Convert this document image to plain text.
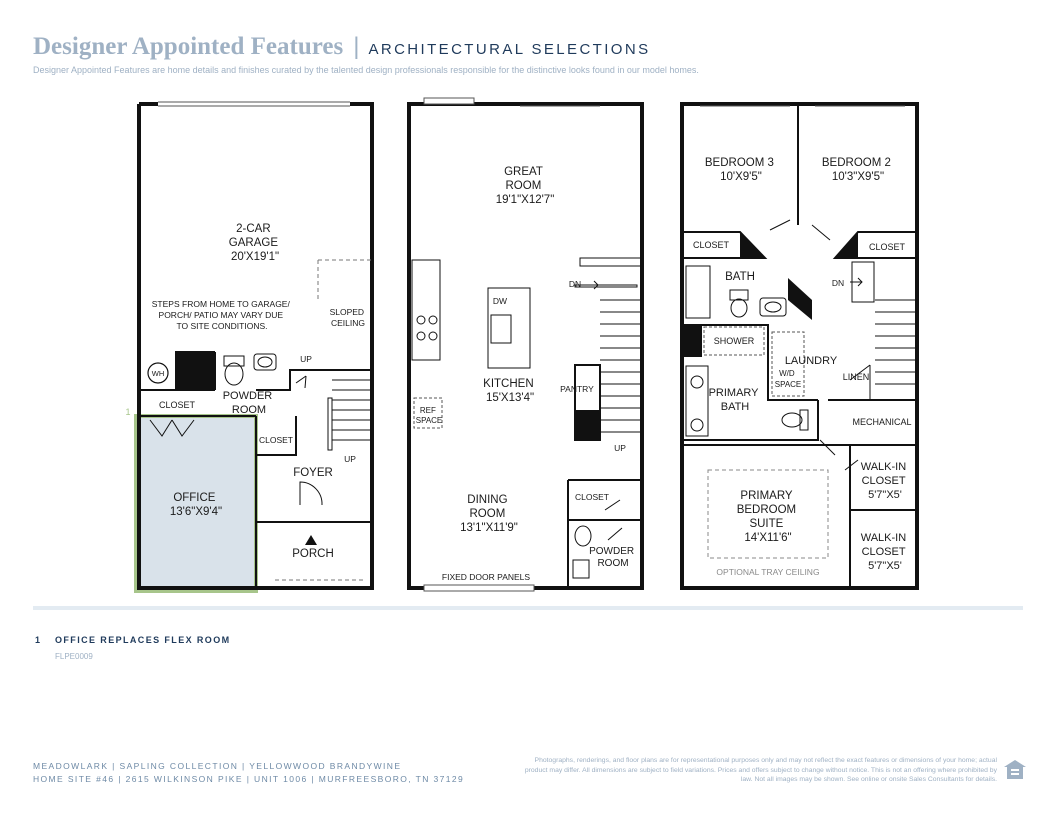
Designer Appointed Features | ARCHITECTURAL SELECTIONS
Designer Appointed Features are home details and finishes curated by the talented design professionals responsible for the distinctive looks found in our model homes.
2-CAR GARAGE 20'X19'1"
STEPS FROM HOME TO GARAGE/ PORCH/ PATIO MAY VARY DUE TO SITE CONDITIONS.
SLOPED CEILING
WH
UP
UP
CLOSET
CLOSET
POWDER ROOM
OFFICE 13'6"X9'4"
FOYER
PORCH
1
GREAT ROOM 19'1"X12'7"
DW
DN
KITCHEN 15'X13'4"
PANTRY
REF SPACE
UP
DINING ROOM 13'1"X11'9"
CLOSET
POWDER ROOM
FIXED DOOR PANELS
BEDROOM 3 10'X9'5"
BEDROOM 2 10'3"X9'5"
CLOSET	CLOSET
BATH	DN
SHOWER
LAUNDRY
W/D SPACE
LINEN
PRIMARY BATH
MECHANICAL
WALK-IN CLOSET 5'7"X5'
WALK-IN CLOSET 5'7"X5'
PRIMARY BEDROOM SUITE 14'X11'6"
OPTIONAL TRAY CEILING
1 OFFICE REPLACES FLEX ROOM
FLPE0009
MEADOWLARK | SAPLING COLLECTION | YELLOWWOOD BRANDYWINE
HOME SITE #46 | 2615 WILKINSON PIKE | UNIT 1006 | MURFREESBORO, TN 37129
Photographs, renderings, and floor plans are for representational purposes only and may not reflect the exact features or dimensions of your home; actual product may differ. All dimensions are subject to field variations. Prices and offers subject to change without notice. This is not an offering where prohibited by law. Not all images may be shown. See online or onsite Sales Consultants for details.
